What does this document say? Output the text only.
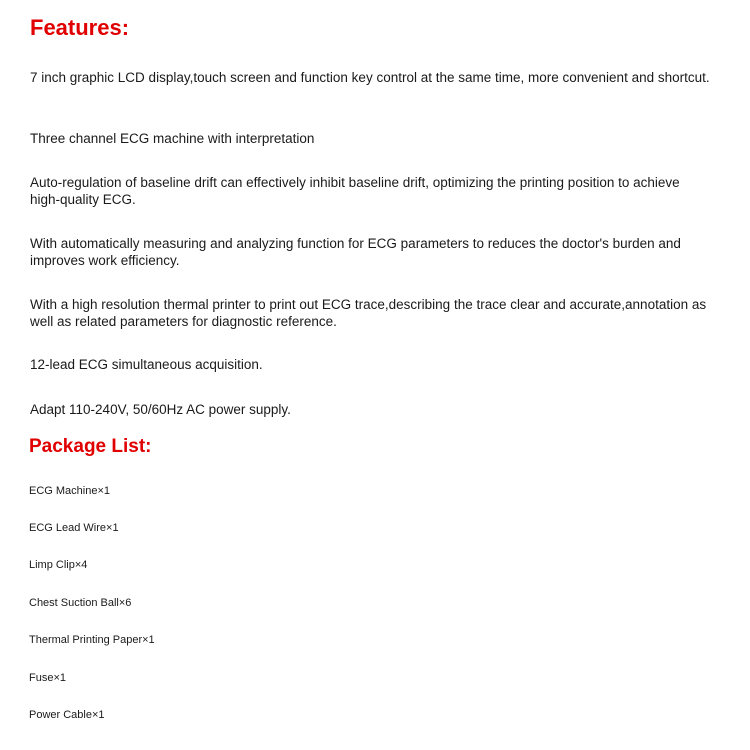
Features:

7 inch graphic LCD display,touch screen and function key control at the same time, more convenient and shortcut.

Three channel ECG machine with interpretation

Auto-regulation of baseline drift can effectively inhibit baseline drift, optimizing the printing position to achieve high-quality ECG.

With automatically measuring and analyzing function for ECG parameters to reduces the doctor's burden and improves work efficiency.

With a high resolution thermal printer to print out ECG trace,describing the trace clear and accurate,annotation as well as related parameters for diagnostic reference.

12-lead ECG simultaneous acquisition.

Adapt 110-240V, 50/60Hz AC power supply.

Package List:

ECG Machine×1

ECG Lead Wire×1

Limp Clip×4

Chest Suction Ball×6

Thermal Printing Paper×1

Fuse×1

Power Cable×1
